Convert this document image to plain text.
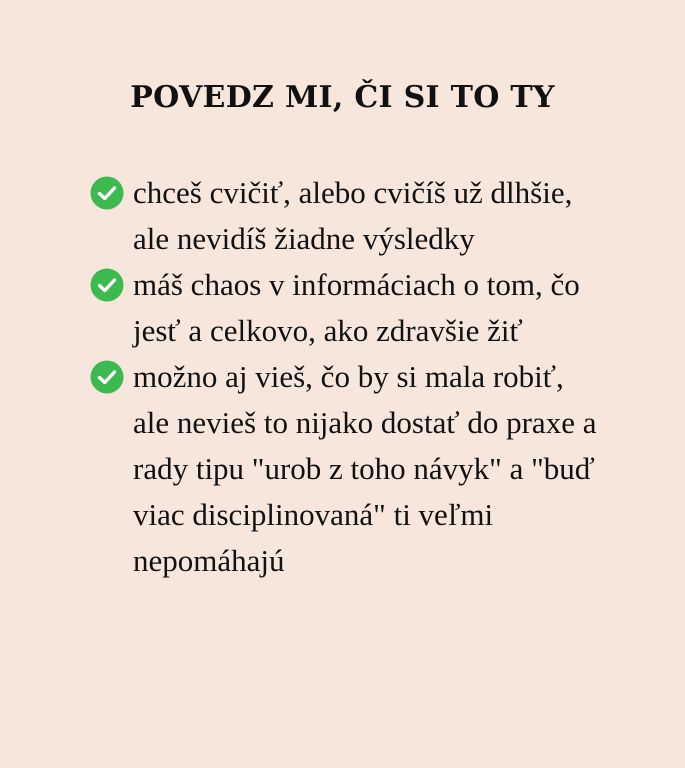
POVEDZ MI, ČI SI TO TY

chceš cvičiť, alebo cvičíš už dlhšie, ale nevidíš žiadne výsledky

máš chaos v informáciach o tom, čo jesť a celkovo, ako zdravšie žiť

možno aj vieš, čo by si mala robiť, ale nevieš to nijako dostať do praxe a rady tipu "urob z toho návyk" a "buď viac disciplinovaná" ti veľmi nepomáhajú
